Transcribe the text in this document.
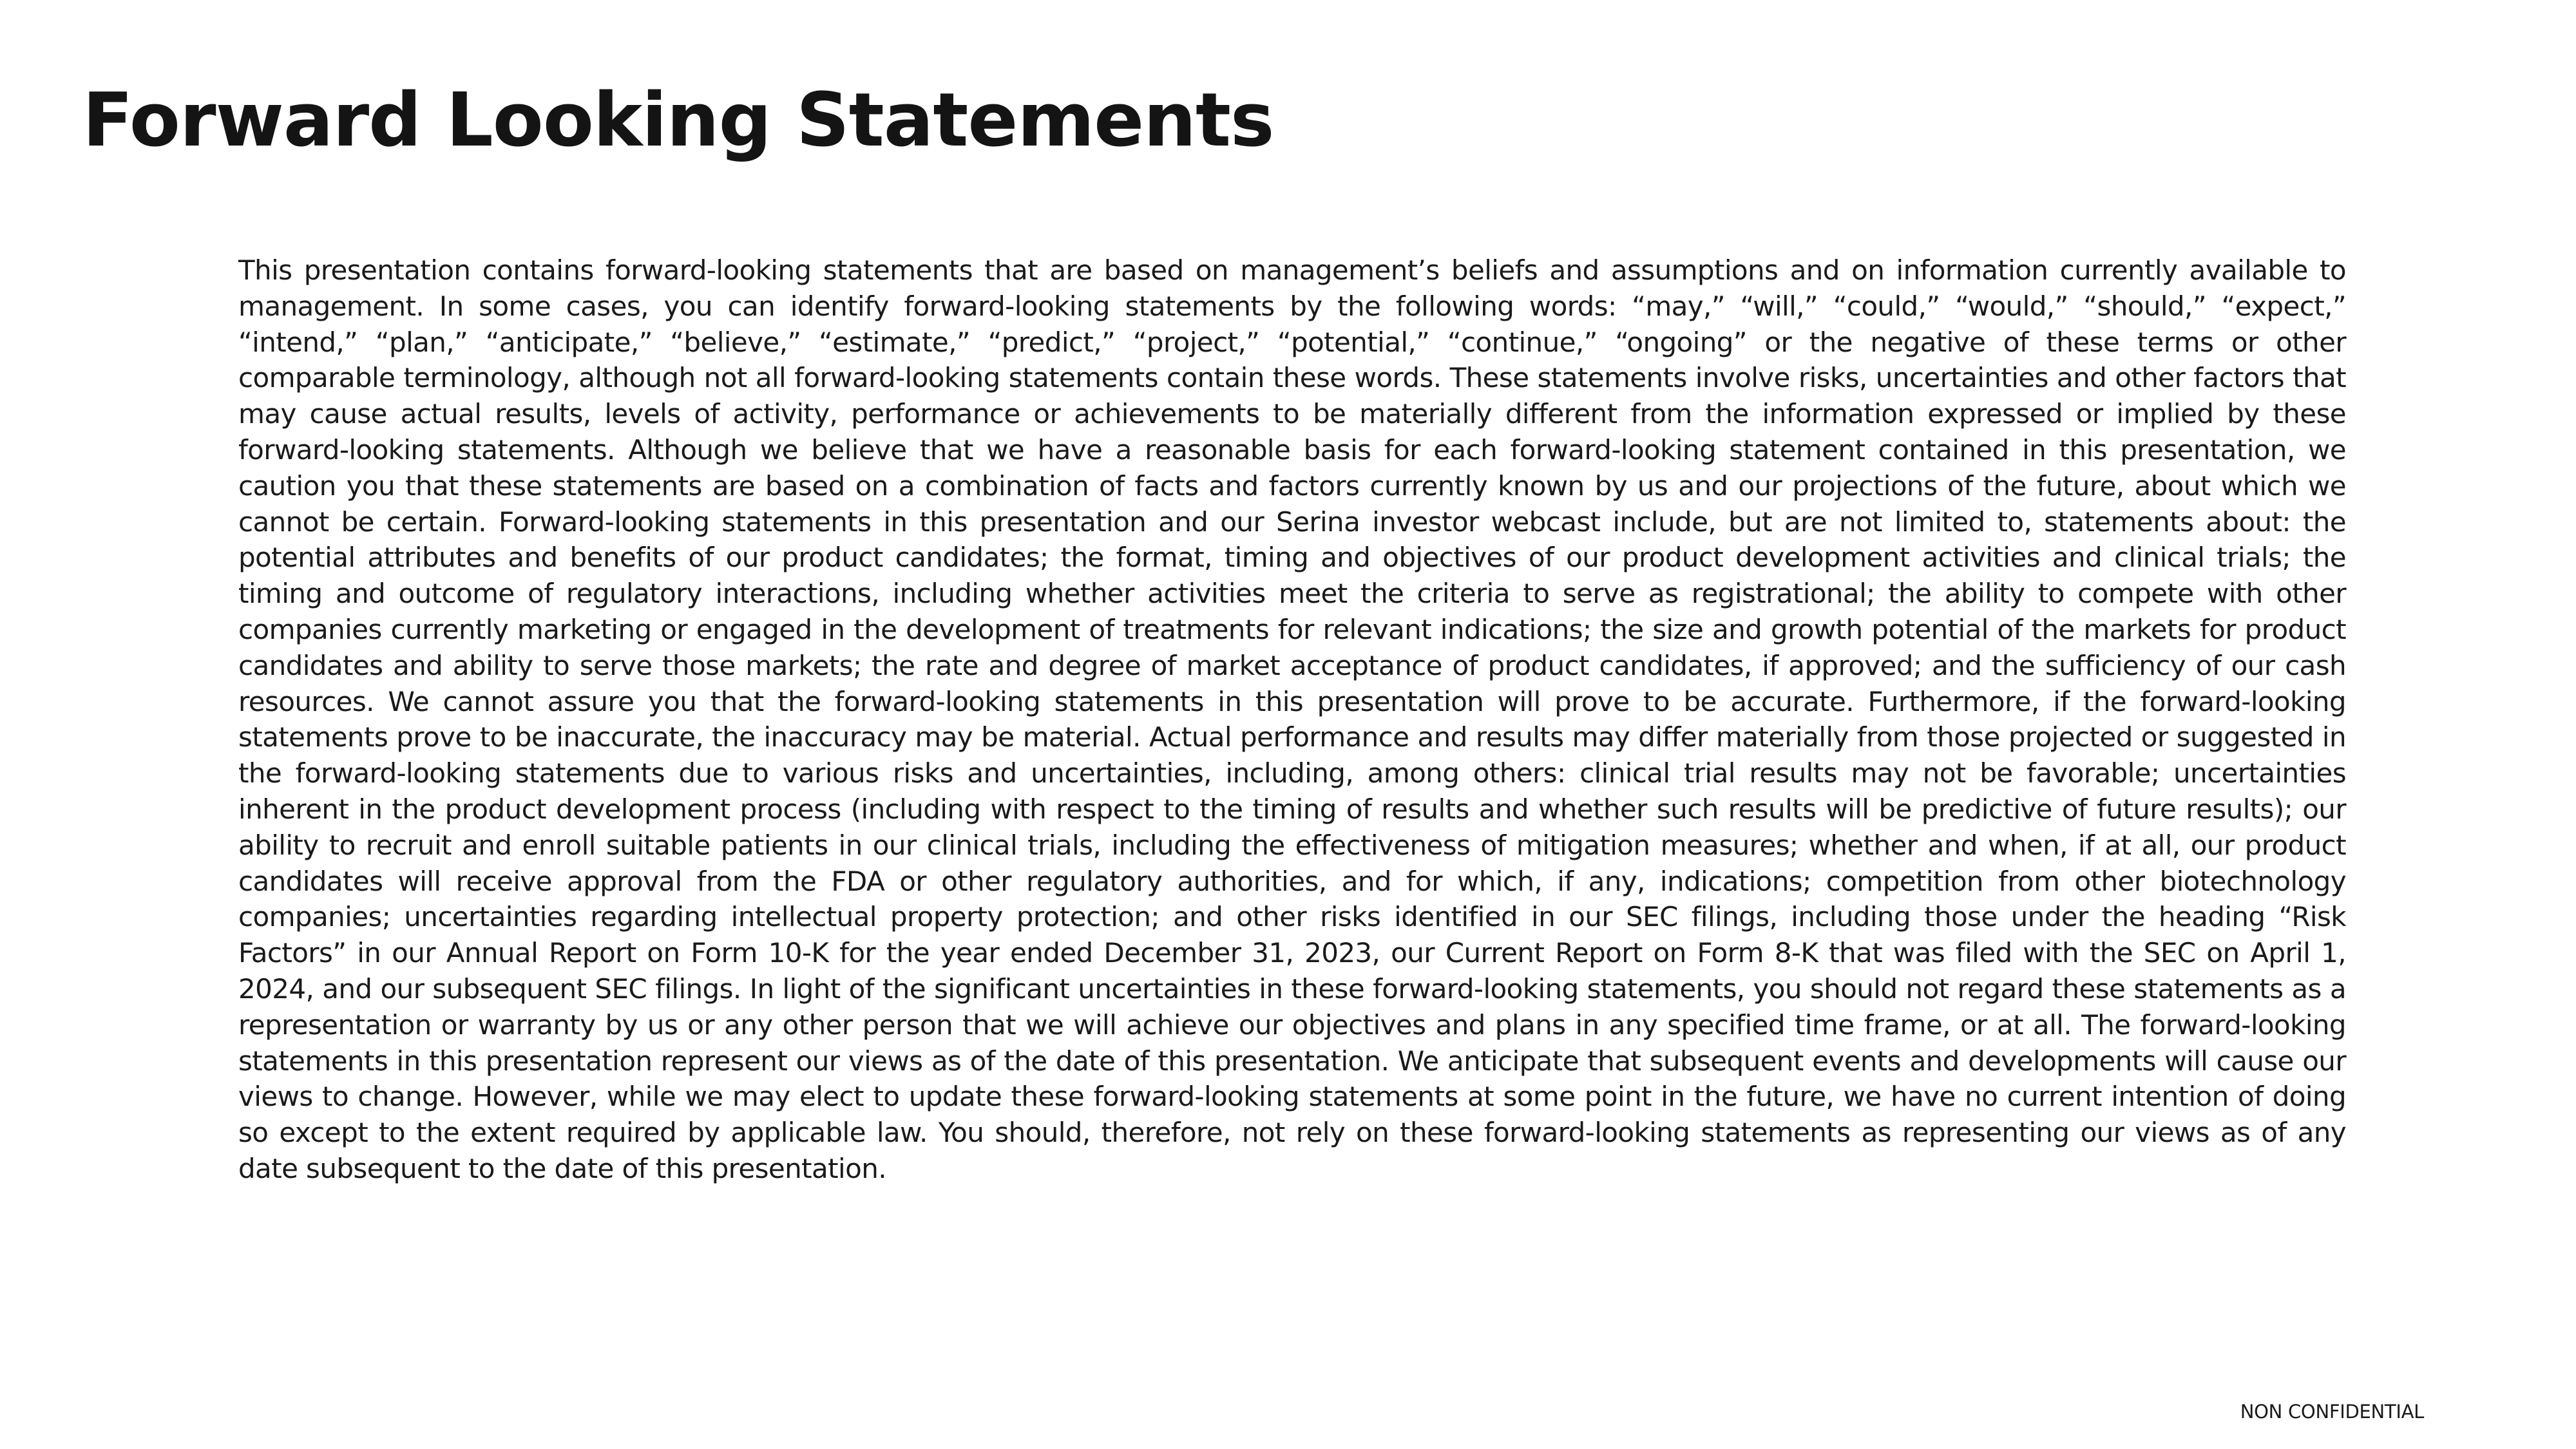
Forward Looking Statements

This presentation contains forward-looking statements that are based on management’s beliefs and assumptions and on information currently available to management. In some cases, you can identify forward-looking statements by the following words: “may,” “will,” “could,” “would,” “should,” “expect,” “intend,” “plan,” “anticipate,” “believe,” “estimate,” “predict,” “project,” “potential,” “continue,” “ongoing” or the negative of these terms or other comparable terminology, although not all forward-looking statements contain these words. These statements involve risks, uncertainties and other factors that may cause actual results, levels of activity, performance or achievements to be materially different from the information expressed or implied by these forward-looking statements. Although we believe that we have a reasonable basis for each forward-looking statement contained in this presentation, we caution you that these statements are based on a combination of facts and factors currently known by us and our projections of the future, about which we cannot be certain. Forward-looking statements in this presentation and our Serina investor webcast include, but are not limited to, statements about: the potential attributes and benefits of our product candidates; the format, timing and objectives of our product development activities and clinical trials; the timing and outcome of regulatory interactions, including whether activities meet the criteria to serve as registrational; the ability to compete with other companies currently marketing or engaged in the development of treatments for relevant indications; the size and growth potential of the markets for product candidates and ability to serve those markets; the rate and degree of market acceptance of product candidates, if approved; and the sufficiency of our cash resources. We cannot assure you that the forward-looking statements in this presentation will prove to be accurate. Furthermore, if the forward-looking statements prove to be inaccurate, the inaccuracy may be material. Actual performance and results may differ materially from those projected or suggested in the forward-looking statements due to various risks and uncertainties, including, among others: clinical trial results may not be favorable; uncertainties inherent in the product development process (including with respect to the timing of results and whether such results will be predictive of future results); our ability to recruit and enroll suitable patients in our clinical trials, including the effectiveness of mitigation measures; whether and when, if at all, our product candidates will receive approval from the FDA or other regulatory authorities, and for which, if any, indications; competition from other biotechnology companies; uncertainties regarding intellectual property protection; and other risks identified in our SEC filings, including those under the heading “Risk Factors” in our Annual Report on Form 10-K for the year ended December 31, 2023, our Current Report on Form 8-K that was filed with the SEC on April 1, 2024, and our subsequent SEC filings. In light of the significant uncertainties in these forward-looking statements, you should not regard these statements as a representation or warranty by us or any other person that we will achieve our objectives and plans in any specified time frame, or at all. The forward-looking statements in this presentation represent our views as of the date of this presentation. We anticipate that subsequent events and developments will cause our views to change. However, while we may elect to update these forward-looking statements at some point in the future, we have no current intention of doing so except to the extent required by applicable law. You should, therefore, not rely on these forward-looking statements as representing our views as of any date subsequent to the date of this presentation.

NON CONFIDENTIAL
